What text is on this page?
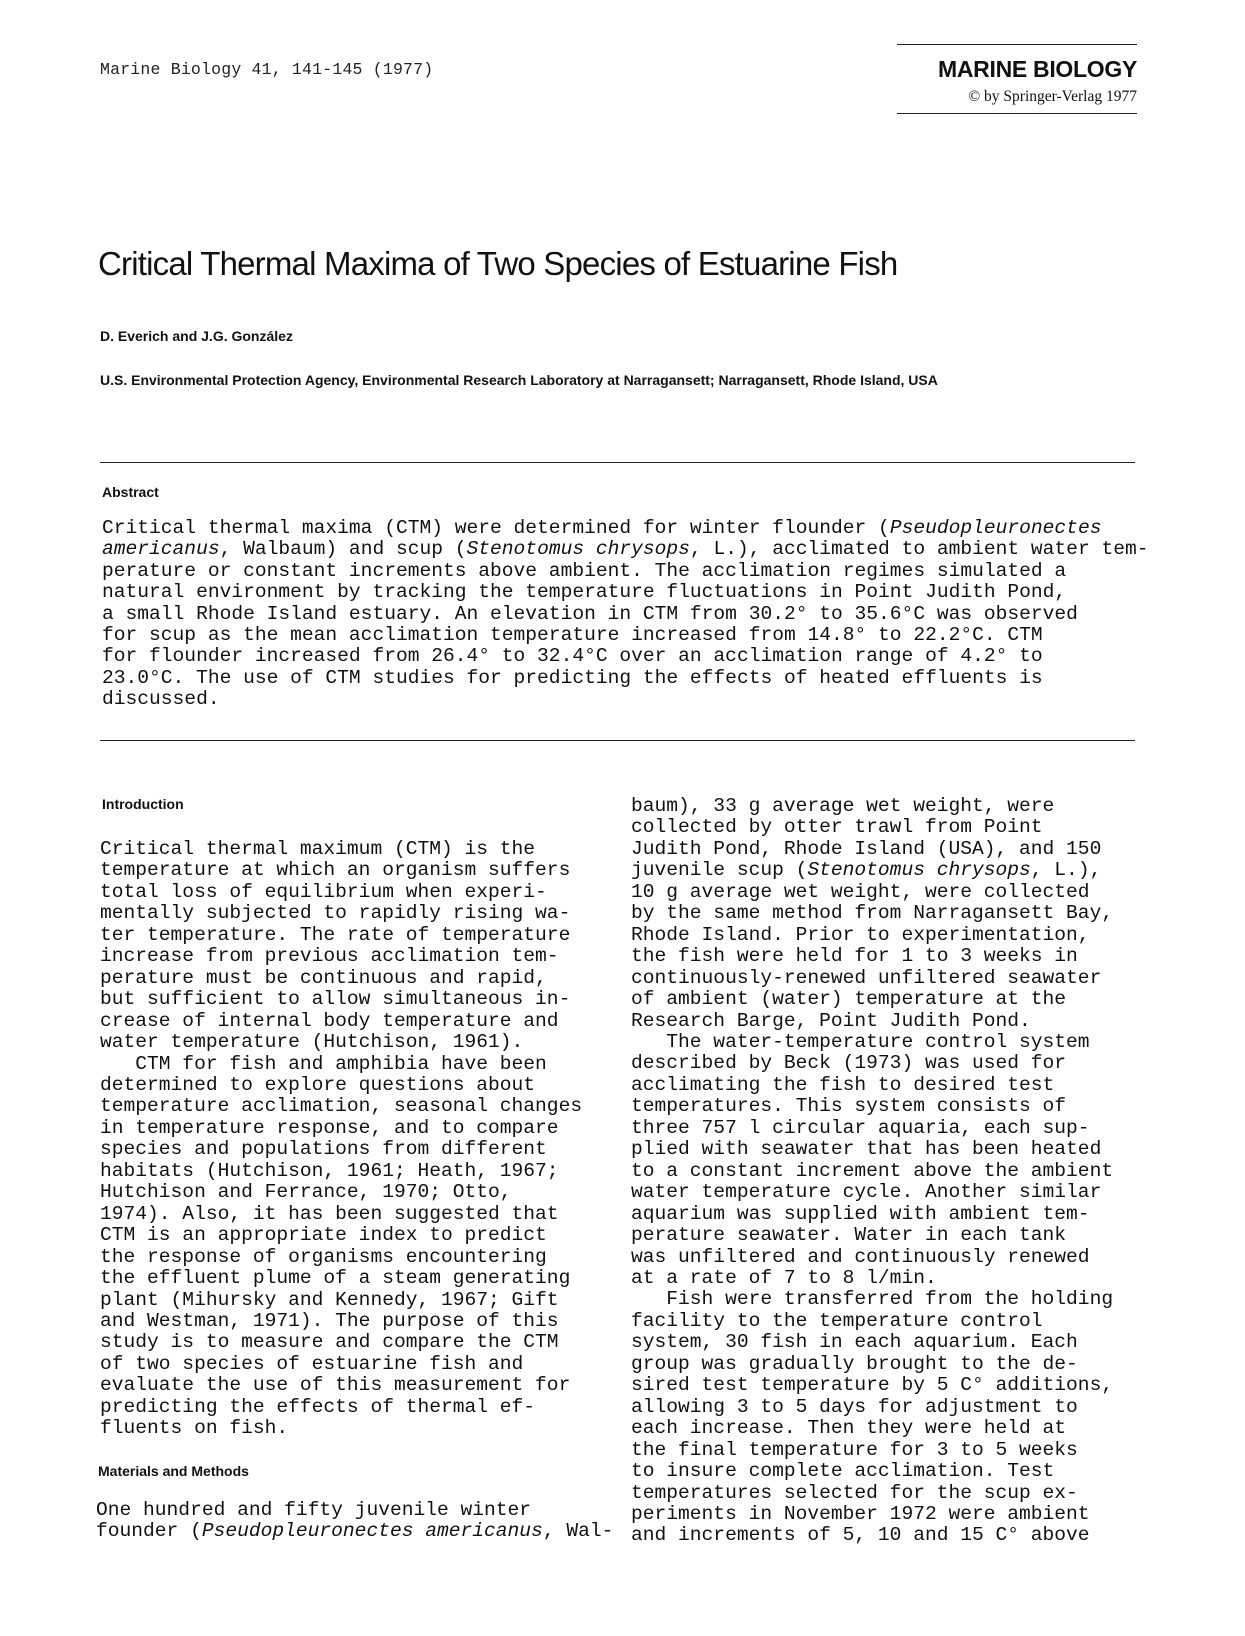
Marine Biology 41, 141-145 (1977)	MARINE BIOLOGY
© by Springer-Verlag 1977
Critical Thermal Maxima of Two Species of Estuarine Fish
D. Everich and J.G. González
U.S. Environmental Protection Agency, Environmental Research Laboratory at Narragansett; Narragansett, Rhode Island, USA
Abstract
Critical thermal maxima (CTM) were determined for winter flounder (Pseudopleuronectes
americanus, Walbaum) and scup (Stenotomus chrysops, L.), acclimated to ambient water tem-
perature or constant increments above ambient. The acclimation regimes simulated a
natural environment by tracking the temperature fluctuations in Point Judith Pond,
a small Rhode Island estuary. An elevation in CTM from 30.2° to 35.6°C was observed
for scup as the mean acclimation temperature increased from 14.8° to 22.2°C. CTM
for flounder increased from 26.4° to 32.4°C over an acclimation range of 4.2° to
23.0°C. The use of CTM studies for predicting the effects of heated effluents is
discussed.
Introduction
Critical thermal maximum (CTM) is the
temperature at which an organism suffers
total loss of equilibrium when experi-
mentally subjected to rapidly rising wa-
ter temperature. The rate of temperature
increase from previous acclimation tem-
perature must be continuous and rapid,
but sufficient to allow simultaneous in-
crease of internal body temperature and
water temperature (Hutchison, 1961).
CTM for fish and amphibia have been
determined to explore questions about
temperature acclimation, seasonal changes
in temperature response, and to compare
species and populations from different
habitats (Hutchison, 1961; Heath, 1967;
Hutchison and Ferrance, 1970; Otto,
1974). Also, it has been suggested that
CTM is an appropriate index to predict
the response of organisms encountering
the effluent plume of a steam generating
plant (Mihursky and Kennedy, 1967; Gift
and Westman, 1971). The purpose of this
study is to measure and compare the CTM
of two species of estuarine fish and
evaluate the use of this measurement for
predicting the effects of thermal ef-
fluents on fish.
Materials and Methods
One hundred and fifty juvenile winter
founder (Pseudopleuronectes americanus, Wal-
baum), 33 g average wet weight, were
collected by otter trawl from Point
Judith Pond, Rhode Island (USA), and 150
juvenile scup (Stenotomus chrysops, L.),
10 g average wet weight, were collected
by the same method from Narragansett Bay,
Rhode Island. Prior to experimentation,
the fish were held for 1 to 3 weeks in
continuously-renewed unfiltered seawater
of ambient (water) temperature at the
Research Barge, Point Judith Pond.
The water-temperature control system
described by Beck (1973) was used for
acclimating the fish to desired test
temperatures. This system consists of
three 757 l circular aquaria, each sup-
plied with seawater that has been heated
to a constant increment above the ambient
water temperature cycle. Another similar
aquarium was supplied with ambient tem-
perature seawater. Water in each tank
was unfiltered and continuously renewed
at a rate of 7 to 8 l/min.
Fish were transferred from the holding
facility to the temperature control
system, 30 fish in each aquarium. Each
group was gradually brought to the de-
sired test temperature by 5 C° additions,
allowing 3 to 5 days for adjustment to
each increase. Then they were held at
the final temperature for 3 to 5 weeks
to insure complete acclimation. Test
temperatures selected for the scup ex-
periments in November 1972 were ambient
and increments of 5, 10 and 15 C° above
